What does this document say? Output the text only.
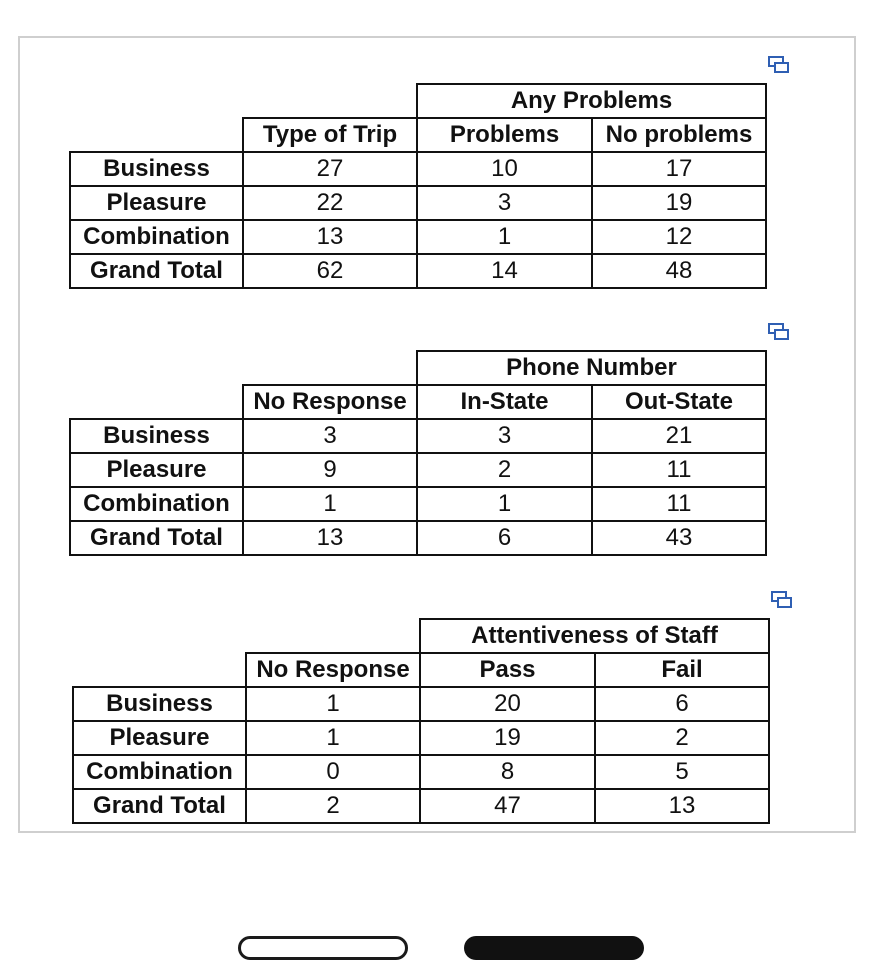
		Any Problems	
	Type of Trip	Problems	No problems
Business	27	10	17
Pleasure	22	3	19
Combination	13	1	12
Grand Total	62	14	48
		Phone Number	
	No Response	In-State	Out-State
Business	3	3	21
Pleasure	9	2	11
Combination	1	1	11
Grand Total	13	6	43
		Attentiveness of Staff	
	No Response	Pass	Fail
Business	1	20	6
Pleasure	1	19	2
Combination	0	8	5
Grand Total	2	47	13
